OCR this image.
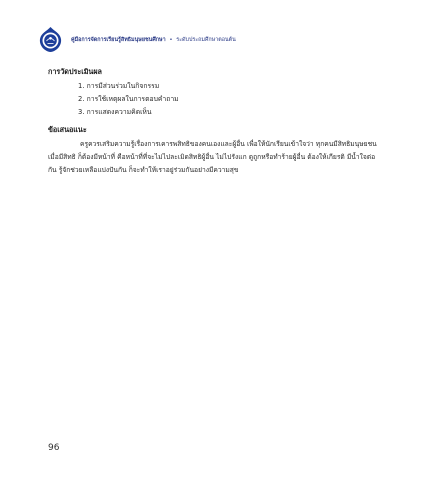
คู่มือการจัดการเรียนรู้สิทธิมนุษยชนศึกษา • ระดับประถมศึกษาตอนต้น
การวัดประเมินผล
1. การมีส่วนร่วมในกิจกรรม
2. การใช้เหตุผลในการตอบคำถาม
3. การแสดงความคิดเห็น
ข้อเสนอแนะ
ครูควรเสริมความรู้เรื่องการเคารพสิทธิของคนเองและผู้อื่น เพื่อให้นักเรียนเข้าใจว่า ทุกคนมีสิทธิมนุษยชน เมื่อมีสิทธิ ก็ต้องมีหน้าที่ คือหน้าที่ที่จะไม่ไปละเมิดสิทธิผู้อื่น ไม่ไปรังแก ดูถูกหรือทำร้ายผู้อื่น ต้องให้เกียรติ มีน้ำใจต่อกัน รู้จักช่วยเหลือแบ่งปันกัน ก็จะทำให้เราอยู่ร่วมกันอย่างมีความสุข
96
